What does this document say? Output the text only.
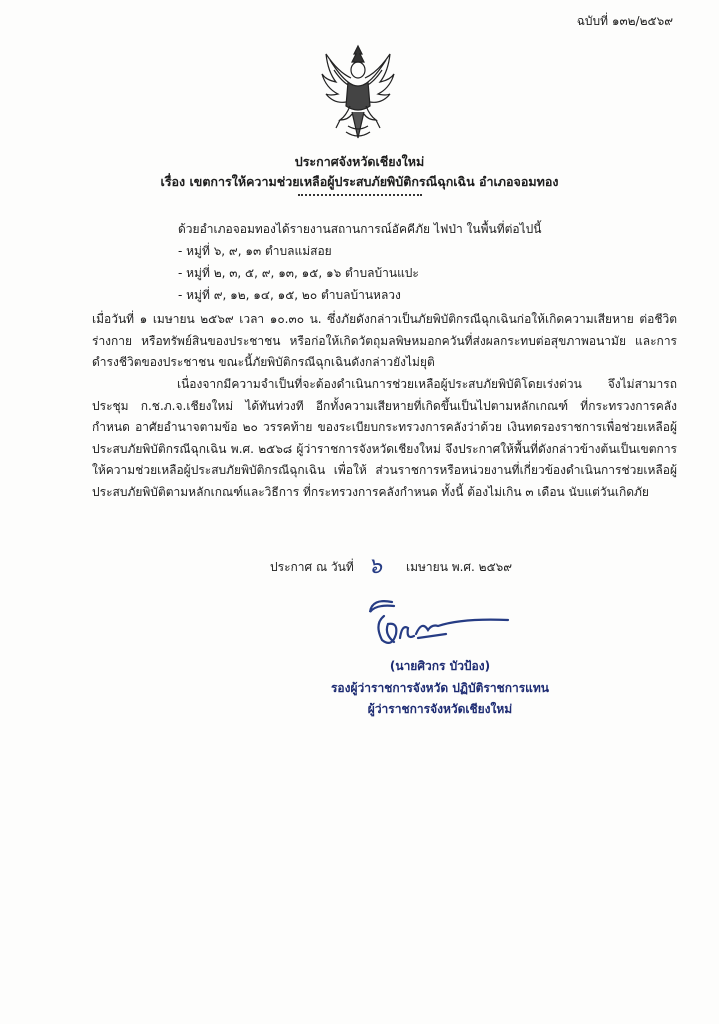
ฉบับที่ ๑๓๒/๒๕๖๙
ประกาศจังหวัดเชียงใหม่
เรื่อง เขตการให้ความช่วยเหลือผู้ประสบภัยพิบัติกรณีฉุกเฉิน อำเภอจอมทอง
ด้วยอำเภอจอมทองได้รายงานสถานการณ์อัคคีภัย ไฟป่า ในพื้นที่ต่อไปนี้
- หมู่ที่ ๖, ๙, ๑๓ ตำบลแม่สอย
- หมู่ที่ ๒, ๓, ๕, ๙, ๑๓, ๑๕, ๑๖ ตำบลบ้านแปะ
- หมู่ที่ ๙, ๑๒, ๑๔, ๑๕, ๒๐ ตำบลบ้านหลวง
เมื่อวันที่ ๑ เมษายน ๒๕๖๙ เวลา ๑๐.๓๐ น. ซึ่งภัยดังกล่าวเป็นภัยพิบัติกรณีฉุกเฉินก่อให้เกิดความเสียหาย ต่อชีวิต ร่างกาย หรือทรัพย์สินของประชาชน หรือก่อให้เกิดวัตถุมลพิษหมอกควันที่ส่งผลกระทบต่อสุขภาพอนามัย และการดำรงชีวิตของประชาชน ขณะนี้ภัยพิบัติกรณีฉุกเฉินดังกล่าวยังไม่ยุติ
เนื่องจากมีความจำเป็นที่จะต้องดำเนินการช่วยเหลือผู้ประสบภัยพิบัติโดยเร่งด่วน จึงไม่สามารถประชุม ก.ช.ภ.จ.เชียงใหม่ ได้ทันท่วงที อีกทั้งความเสียหายที่เกิดขึ้นเป็นไปตามหลักเกณฑ์ ที่กระทรวงการคลังกำหนด อาศัยอำนาจตามข้อ ๒๐ วรรคท้าย ของระเบียบกระทรวงการคลังว่าด้วย เงินทดรองราชการเพื่อช่วยเหลือผู้ประสบภัยพิบัติกรณีฉุกเฉิน พ.ศ. ๒๕๖๘ ผู้ว่าราชการจังหวัดเชียงใหม่ จึงประกาศให้พื้นที่ดังกล่าวข้างต้นเป็นเขตการให้ความช่วยเหลือผู้ประสบภัยพิบัติกรณีฉุกเฉิน เพื่อให้ ส่วนราชการหรือหน่วยงานที่เกี่ยวข้องดำเนินการช่วยเหลือผู้ประสบภัยพิบัติตามหลักเกณฑ์และวิธีการ ที่กระทรวงการคลังกำหนด ทั้งนี้ ต้องไม่เกิน ๓ เดือน นับแต่วันเกิดภัย
ประกาศ ณ วันที่ ๖ เมษายน พ.ศ. ๒๕๖๙
(นายศิวกร บัวป้อง)
รองผู้ว่าราชการจังหวัด ปฏิบัติราชการแทน
ผู้ว่าราชการจังหวัดเชียงใหม่
